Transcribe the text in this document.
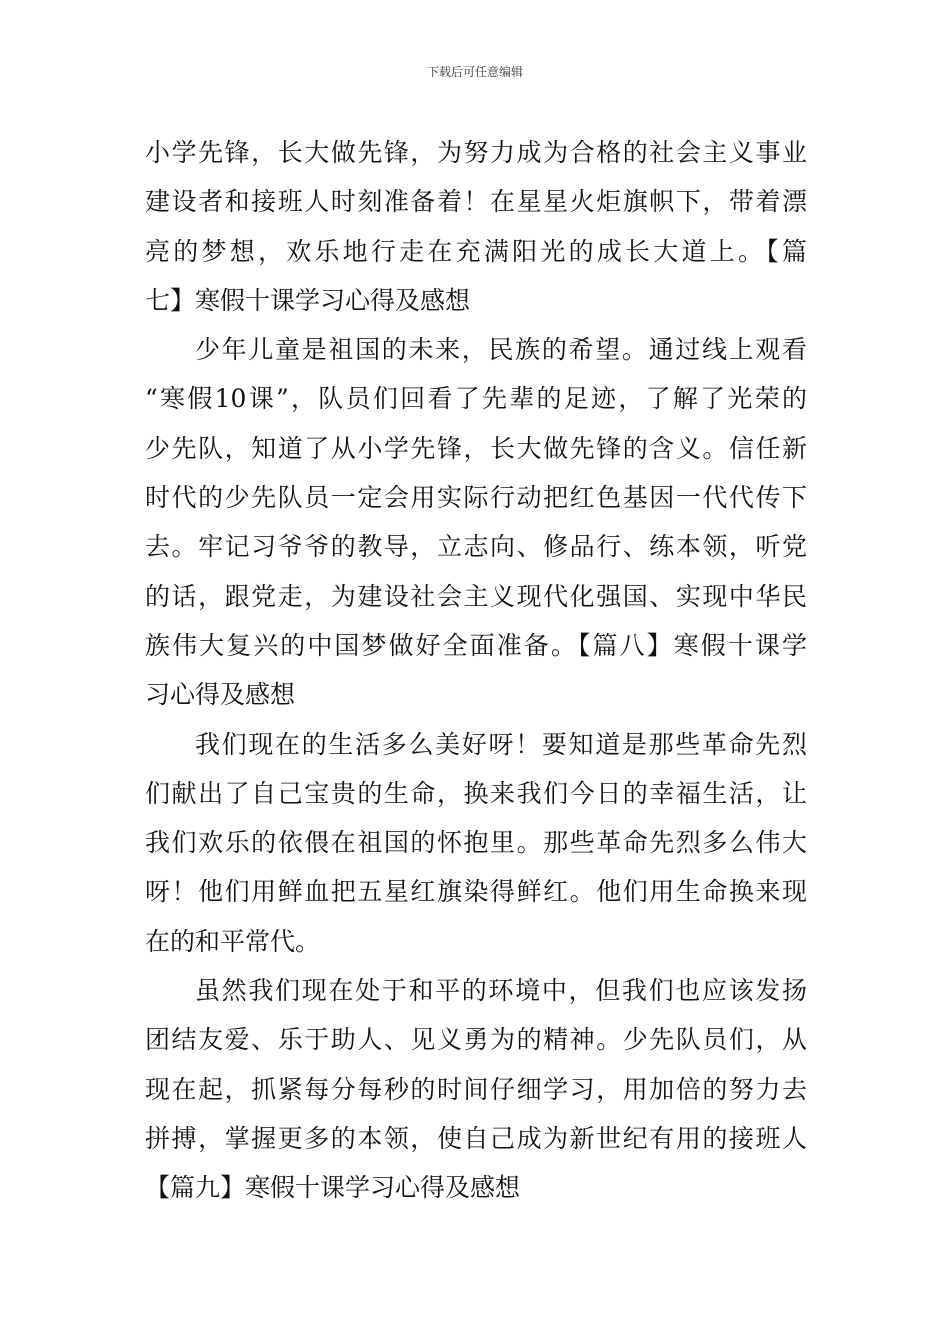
下载后可任意编辑
小学先锋，长大做先锋，为努力成为合格的社会主义事业
建设者和接班人时刻准备着！在星星火炬旗帜下，带着漂
亮的梦想，欢乐地行走在充满阳光的成长大道上。【篇
七】寒假十课学习心得及感想
少年儿童是祖国的未来，民族的希望。通过线上观看
“寒假10课”，队员们回看了先辈的足迹，了解了光荣的
少先队，知道了从小学先锋，长大做先锋的含义。信任新
时代的少先队员一定会用实际行动把红色基因一代代传下
去。牢记习爷爷的教导，立志向、修品行、练本领，听党
的话，跟党走，为建设社会主义现代化强国、实现中华民
族伟大复兴的中国梦做好全面准备。【篇八】寒假十课学
习心得及感想
我们现在的生活多么美好呀！要知道是那些革命先烈
们献出了自己宝贵的生命，换来我们今日的幸福生活，让
我们欢乐的依偎在祖国的怀抱里。那些革命先烈多么伟大
呀！他们用鲜血把五星红旗染得鲜红。他们用生命换来现
在的和平常代。
虽然我们现在处于和平的环境中，但我们也应该发扬
团结友爱、乐于助人、见义勇为的精神。少先队员们，从
现在起，抓紧每分每秒的时间仔细学习，用加倍的努力去
拼搏，掌握更多的本领，使自己成为新世纪有用的接班人
【篇九】寒假十课学习心得及感想
